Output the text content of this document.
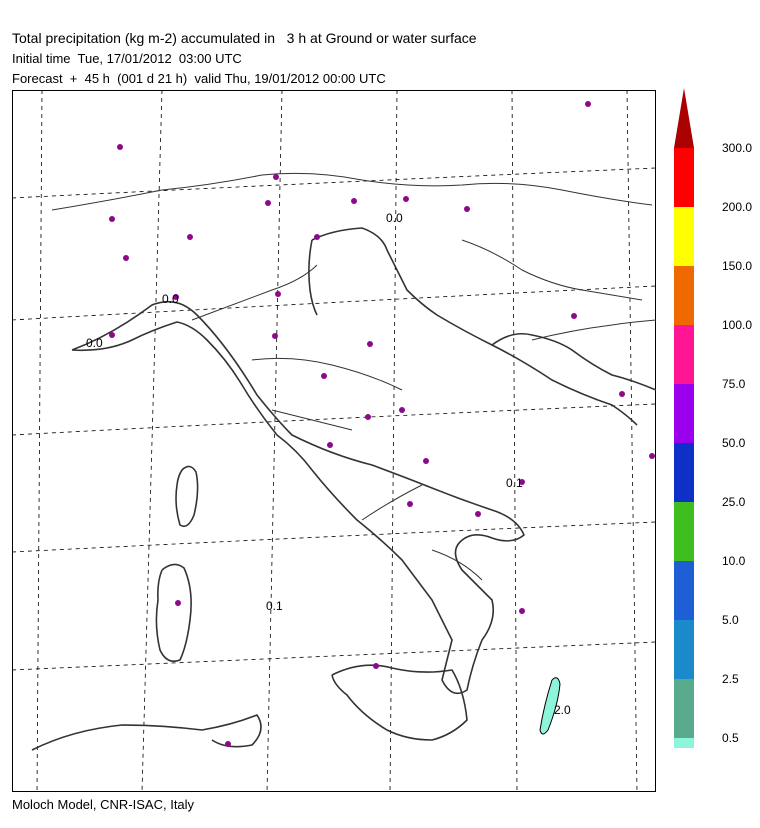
Total precipitation (kg m-2) accumulated in   3 h at Ground or water surface
Initial time  Tue, 17/01/2012  03:00 UTC
Forecast  +  45 h  (001 d 21 h)  valid Thu, 19/01/2012 00:00 UTC
0.0
0.0
0.0
0.1
0.1
2.0
300.0
200.0
150.0
100.0
75.0
50.0
25.0
10.0
5.0
2.5
0.5
Moloch Model, CNR-ISAC, Italy
